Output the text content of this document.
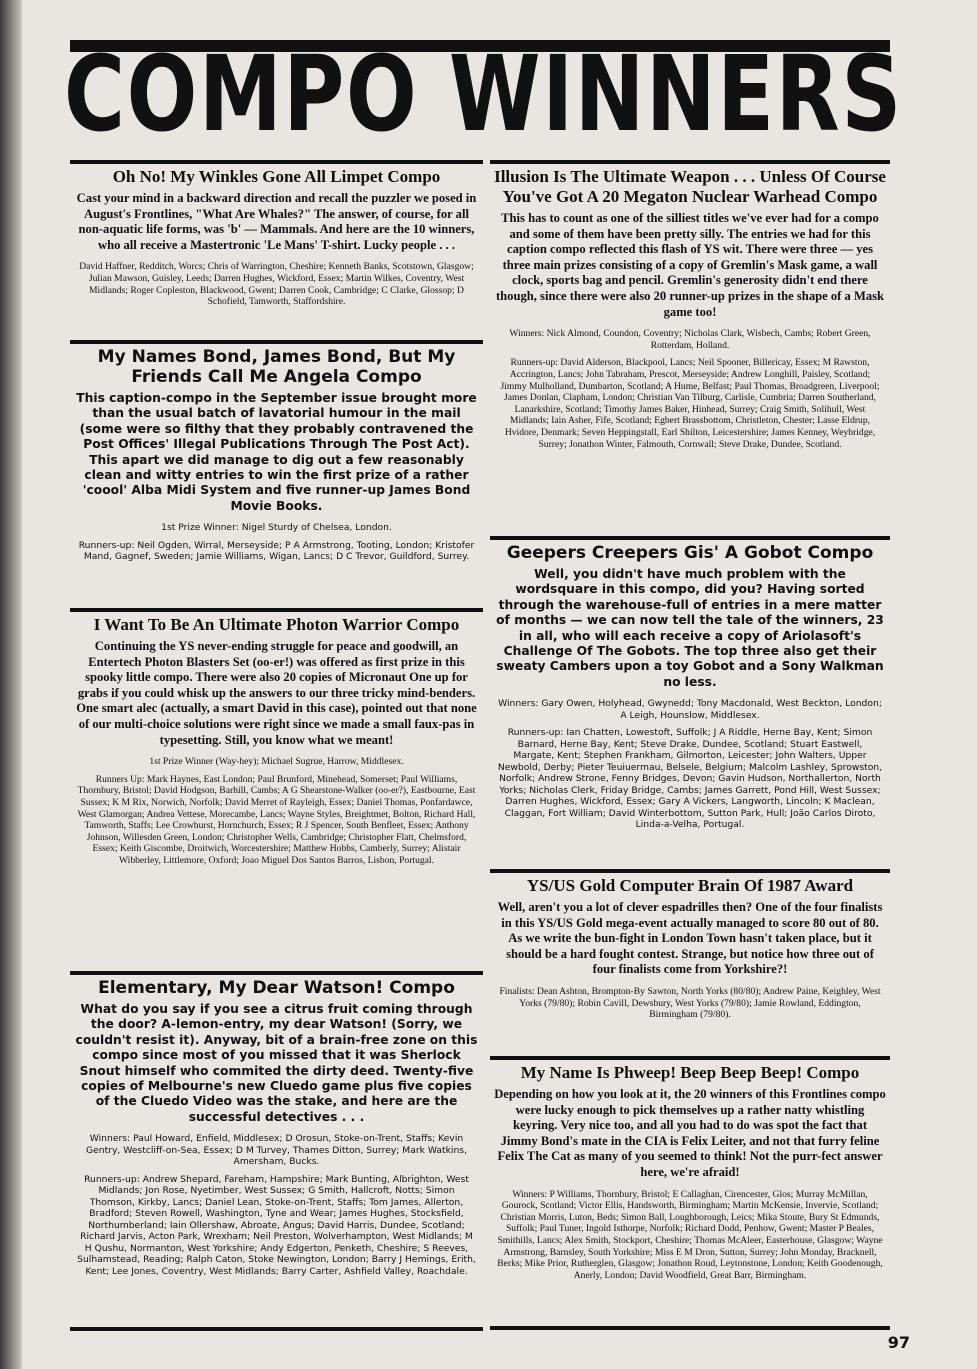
COMPO WINNERS
Oh No! My Winkles Gone All Limpet Compo

Cast your mind in a backward direction and recall the puzzler we posed in August's Frontlines, "What Are Whales?" The answer, of course, for all non-aquatic life forms, was 'b' — Mammals. And here are the 10 winners, who all receive a Mastertronic 'Le Mans' T-shirt. Lucky people . . .

David Haffner, Redditch, Worcs; Chris of Warrington, Cheshire; Kenneth Banks, Scotstown, Glasgow; Julian Mawson, Guisley, Leeds; Darren Hughes, Wickford, Essex; Martin Wilkes, Coventry, West Midlands; Roger Copleston, Blackwood, Gwent; Darren Cook, Cambridge; C Clarke, Glossop; D Schofield, Tamworth, Staffordshire.

My Names Bond, James Bond, But My Friends Call Me Angela Compo

This caption-compo in the September issue brought more than the usual batch of lavatorial humour in the mail (some were so filthy that they probably contravened the Post Offices' Illegal Publications Through The Post Act). This apart we did manage to dig out a few reasonably clean and witty entries to win the first prize of a rather 'coool' Alba Midi System and five runner-up James Bond Movie Books.

1st Prize Winner: Nigel Sturdy of Chelsea, London.

Runners-up: Neil Ogden, Wirral, Merseyside; P A Armstrong, Tooting, London; Kristofer Mand, Gagnef, Sweden; Jamie Williams, Wigan, Lancs; D C Trevor, Guildford, Surrey.

I Want To Be An Ultimate Photon Warrior Compo

Continuing the YS never-ending struggle for peace and goodwill, an Entertech Photon Blasters Set (oo-er!) was offered as first prize in this spooky little compo. There were also 20 copies of Micronaut One up for grabs if you could whisk up the answers to our three tricky mind-benders. One smart alec (actually, a smart David in this case), pointed out that none of our multi-choice solutions were right since we made a small faux-pas in typesetting. Still, you know what we meant!

1st Prize Winner (Way-hey); Michael Sugrue, Harrow, Middlesex.

Runners Up: Mark Haynes, East London; Paul Brunford, Minehead, Somerset; Paul Williams, Thornbury, Bristol; David Hodgson, Barhill, Cambs; A G Shearstone-Walker (oo-er?), Eastbourne, East Sussex; K M Rix, Norwich, Norfolk; David Merret of Rayleigh, Essex; Daniel Thomas, Ponfardawce, West Glamorgan; Andrea Vettese, Morecambe, Lancs; Wayne Styles, Breightmet, Bolton, Richard Hall, Tamworth, Staffs; Lee Crowhurst, Hornchurch, Essex; R J Spencer, South Benfleet, Essex; Anthony Johnson, Willesden Green, London; Christopher Wells, Cambridge; Christopher Flatt, Chelmsford, Essex; Keith Giscombe, Droitwich, Worcestershire; Matthew Hobbs, Camberly, Surrey; Alistair Wibberley, Littlemore, Oxford; Joao Miguel Dos Santos Barros, Lisbon, Portugal.

Elementary, My Dear Watson! Compo

What do you say if you see a citrus fruit coming through the door? A-lemon-entry, my dear Watson! (Sorry, we couldn't resist it). Anyway, bit of a brain-free zone on this compo since most of you missed that it was Sherlock Snout himself who commited the dirty deed. Twenty-five copies of Melbourne's new Cluedo game plus five copies of the Cluedo Video was the stake, and here are the successful detectives . . .

Winners: Paul Howard, Enfield, Middlesex; D Orosun, Stoke-on-Trent, Staffs; Kevin Gentry, Westcliff-on-Sea, Essex; D M Turvey, Thames Ditton, Surrey; Mark Watkins, Amersham, Bucks.

Runners-up: Andrew Shepard, Fareham, Hampshire; Mark Bunting, Albrighton, West Midlands; Jon Rose, Nyetimber, West Sussex; G Smith, Hallcroft, Notts; Simon Thomson, Kirkby, Lancs; Daniel Lean, Stoke-on-Trent, Staffs; Tom James, Allerton, Bradford; Steven Rowell, Washington, Tyne and Wear; James Hughes, Stocksfield, Northumberland; Iain Ollershaw, Abroate, Angus; David Harris, Dundee, Scotland; Richard Jarvis, Acton Park, Wrexham; Neil Preston, Wolverhampton, West Midlands; M H Qushu, Normanton, West Yorkshire; Andy Edgerton, Penketh, Cheshire; S Reeves, Sulhamstead, Reading; Ralph Caton, Stoke Newington, London; Barry J Hemings, Erith, Kent; Lee Jones, Coventry, West Midlands; Barry Carter, Ashfield Valley, Roachdale.

Illusion Is The Ultimate Weapon . . . Unless Of Course You've Got A 20 Megaton Nuclear Warhead Compo

This has to count as one of the silliest titles we've ever had for a compo and some of them have been pretty silly. The entries we had for this caption compo reflected this flash of YS wit. There were three — yes three main prizes consisting of a copy of Gremlin's Mask game, a wall clock, sports bag and pencil. Gremlin's generosity didn't end there though, since there were also 20 runner-up prizes in the shape of a Mask game too!

Winners: Nick Almond, Coundon, Coventry; Nicholas Clark, Wisbech, Cambs; Robert Green, Rotterdam, Holland.

Runners-up: David Alderson, Blackpool, Lancs; Neil Spooner, Billericay, Essex; M Rawston, Accrington, Lancs; John Tabraham, Prescot, Merseyside; Andrew Longhill, Paisley, Scotland; Jimmy Mulholland, Dumbarton, Scotland; A Hume, Belfast; Paul Thomas, Broadgreen, Liverpool; James Donlan, Clapham, London; Christian Van Tilburg, Carlisle, Cumbria; Darren Southerland, Lanarkshire, Scotland; Timothy James Baker, Hinhead, Surrey; Craig Smith, Solihull, West Midlands; Iain Asher, Fife, Scotland; Egbert Brassbottom, Christleton, Chester; Lasse Eldrup, Hvidore, Denmark; Seven Heppingstall, Earl Shilton, Leicestershire; James Kenney, Weybridge, Surrey; Jonathon Winter, Falmouth, Cornwall; Steve Drake, Dundee, Scotland.

Geepers Creepers Gis' A Gobot Compo

Well, you didn't have much problem with the wordsquare in this compo, did you? Having sorted through the warehouse-full of entries in a mere matter of months — we can now tell the tale of the winners, 23 in all, who will each receive a copy of Ariolasoft's Challenge Of The Gobots. The top three also get their sweaty Cambers upon a toy Gobot and a Sony Walkman no less.

Winners: Gary Owen, Holyhead, Gwynedd; Tony Macdonald, West Beckton, London; A Leigh, Hounslow, Middlesex.

Runners-up: Ian Chatten, Lowestoft, Suffolk; J A Riddle, Herne Bay, Kent; Simon Barnard, Herne Bay, Kent; Steve Drake, Dundee, Scotland; Stuart Eastwell, Margate, Kent; Stephen Frankham, Gilmorton, Leicester; John Walters, Upper Newbold, Derby; Pieter Teuiuermau, Belsele, Belgium; Malcolm Lashley, Sprowston, Norfolk; Andrew Strone, Fenny Bridges, Devon; Gavin Hudson, Northallerton, North Yorks; Nicholas Clerk, Friday Bridge, Cambs; James Garrett, Pond Hill, West Sussex; Darren Hughes, Wickford, Essex; Gary A Vickers, Langworth, Lincoln; K Maclean, Claggan, Fort William; David Winterbottom, Sutton Park, Hull; João Carlos Diroto, Linda-a-Velha, Portugal.

YS/US Gold Computer Brain Of 1987 Award

Well, aren't you a lot of clever espadrilles then? One of the four finalists in this YS/US Gold mega-event actually managed to score 80 out of 80. As we write the bun-fight in London Town hasn't taken place, but it should be a hard fought contest. Strange, but notice how three out of four finalists come from Yorkshire?!

Finalists: Dean Ashton, Brompton-By Sawton, North Yorks (80/80); Andrew Paine, Keighley, West Yorks (79/80); Robin Cavill, Dewsbury, West Yorks (79/80); Jamie Rowland, Eddington, Birmingham (79/80).

My Name Is Phweep! Beep Beep Beep! Compo

Depending on how you look at it, the 20 winners of this Frontlines compo were lucky enough to pick themselves up a rather natty whistling keyring. Very nice too, and all you had to do was spot the fact that Jimmy Bond's mate in the CIA is Felix Leiter, and not that furry feline Felix The Cat as many of you seemed to think! Not the purr-fect answer here, we're afraid!

Winners: P Williams, Thornbury, Bristol; E Callaghan, Cirencester, Glos; Murray McMillan, Gourock, Scotland; Victor Ellis, Handsworth, Birmingham; Martin McKensie, Invervie, Scotland; Christian Morris, Luton, Beds; Simon Ball, Loughborough, Leics; Mika Stoute, Bury St Edmunds, Suffolk; Paul Tuner, Ingold Isthorpe, Norfolk; Richard Dodd, Penhow, Gwent; Master P Beales, Smithills, Lancs; Alex Smith, Stockport, Cheshire; Thomas McAleer, Easterhouse, Glasgow; Wayne Armstrong, Barnsley, South Yorkshire; Miss E M Dron, Sutton, Surrey; John Monday, Bracknell, Berks; Mike Prior, Rutherglen, Glasgow; Jonathon Roud, Leytonstone, London; Keith Goodenough, Anerly, London; David Woodfield, Great Barr, Birmingham.

97
